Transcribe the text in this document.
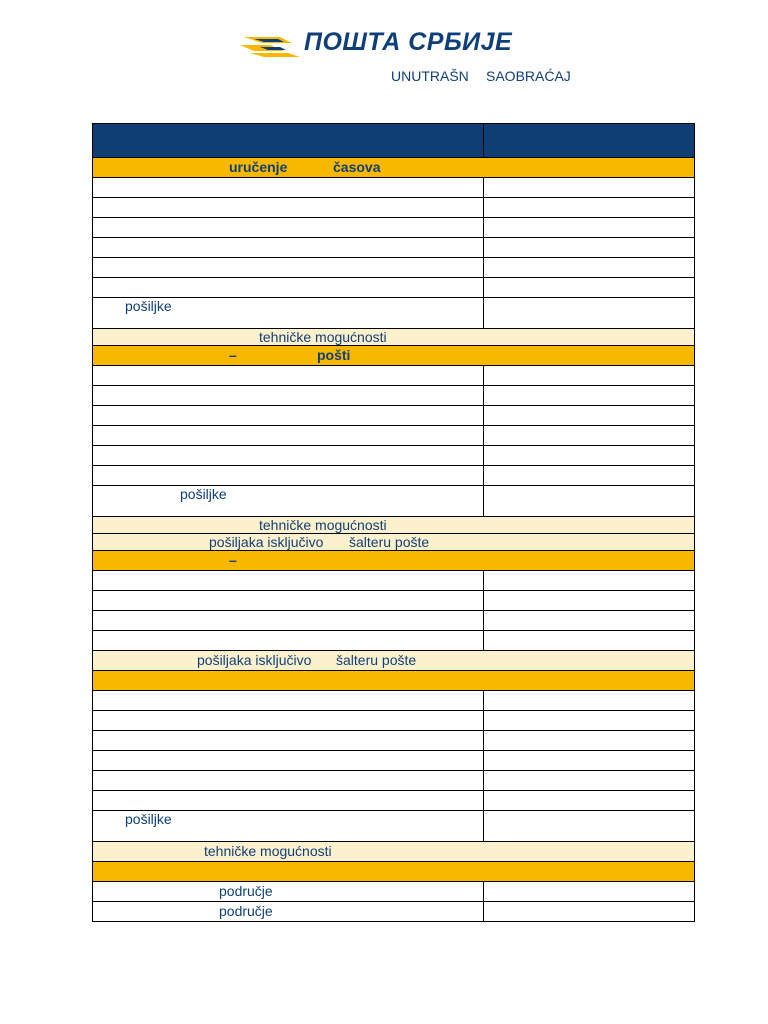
ПОШТА СРБИЈЕ
UNUTRAŠN SAOBRAĆAJ
uručenje	časova
pošiljke
tehničke mogućnosti
–	pošti
pošiljke
tehničke mogućnosti
pošiljaka isključivo šalteru pošte
–
pošiljaka isključivo šalteru pošte
pošiljke
tehničke mogućnosti
područje
područje
